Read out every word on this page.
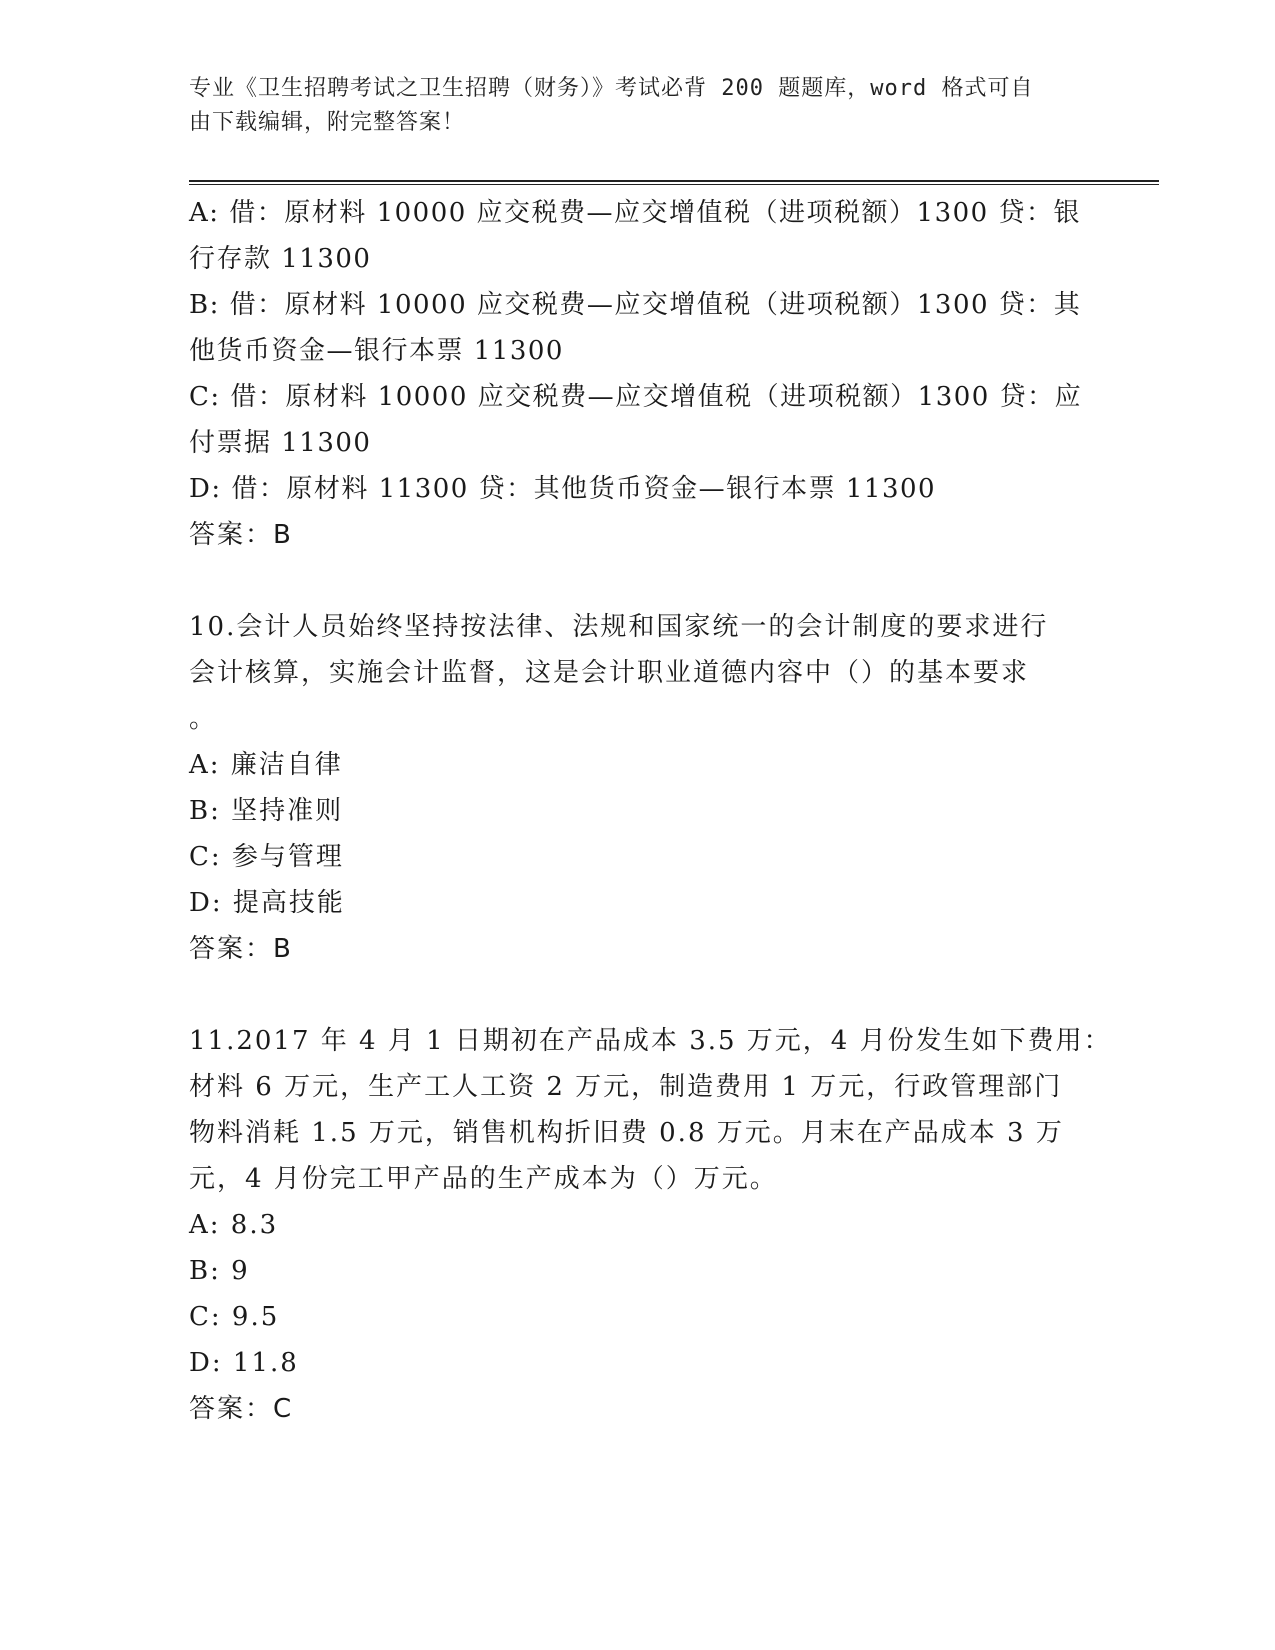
专业《卫生招聘考试之卫生招聘（财务）》考试必背 200 题题库，word 格式可自
由下载编辑，附完整答案！

A: 借：原材料 10000 应交税费—应交增值税（进项税额）1300 贷：银

行存款 11300

B: 借：原材料 10000 应交税费—应交增值税（进项税额）1300 贷：其

他货币资金—银行本票 11300

C: 借：原材料 10000 应交税费—应交增值税（进项税额）1300 贷：应

付票据 11300

D: 借：原材料 11300 贷：其他货币资金—银行本票 11300

答案：B

10.会计人员始终坚持按法律、法规和国家统一的会计制度的要求进行

会计核算，实施会计监督，这是会计职业道德内容中（）的基本要求

。

A: 廉洁自律

B: 坚持准则

C: 参与管理

D: 提高技能

答案：B

11.2017 年 4 月 1 日期初在产品成本 3.5 万元，4 月份发生如下费用：

材料 6 万元，生产工人工资 2 万元，制造费用 1 万元，行政管理部门

物料消耗 1.5 万元，销售机构折旧费 0.8 万元。月末在产品成本 3 万

元，4 月份完工甲产品的生产成本为（）万元。

A: 8.3

B: 9

C: 9.5

D: 11.8

答案：C
